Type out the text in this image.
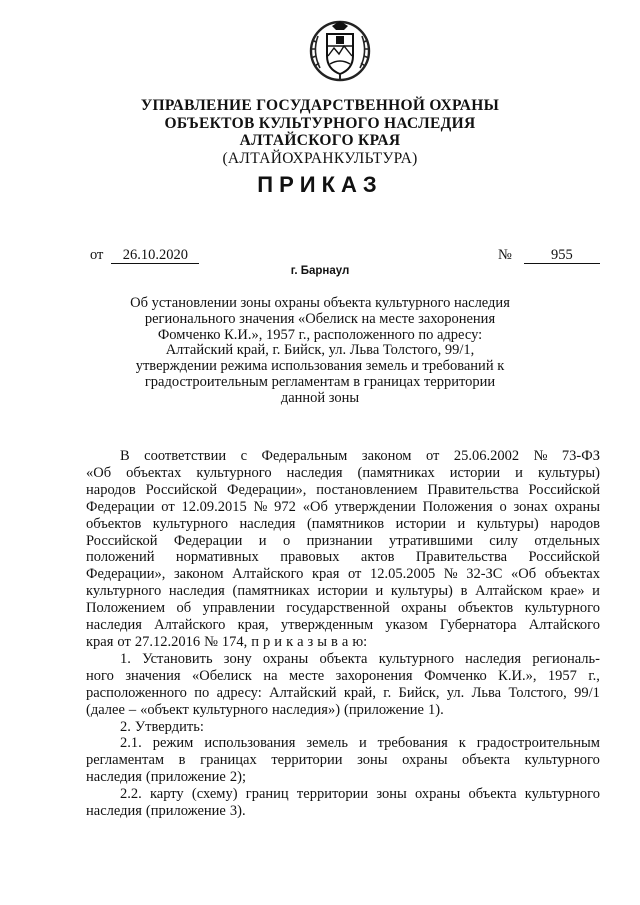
УПРАВЛЕНИЕ ГОСУДАРСТВЕННОЙ ОХРАНЫ
ОБЪЕКТОВ КУЛЬТУРНОГО НАСЛЕДИЯ
АЛТАЙСКОГО КРАЯ
(АЛТАЙОХРАНКУЛЬТУРА)
ПРИКАЗ
от 26.10.2020	№	955
г. Барнаул
Об установлении зоны охраны объекта культурного наследия
регионального значения «Обелиск на месте захоронения
Фомченко К.И.», 1957 г., расположенного по адресу:
Алтайский край, г. Бийск, ул. Льва Толстого, 99/1,
утверждении режима использования земель и требований к
градостроительным регламентам в границах территории
данной зоны
В соответствии с Федеральным законом от 25.06.2002 № 73-ФЗ
«Об объектах культурного наследия (памятниках истории и культуры)
народов Российской Федерации», постановлением Правительства Российской
Федерации от 12.09.2015 № 972 «Об утверждении Положения о зонах охраны
объектов культурного наследия (памятников истории и культуры) народов
Российской Федерации и о признании утратившими силу отдельных
положений нормативных правовых актов Правительства Российской
Федерации», законом Алтайского края от 12.05.2005 № 32-ЗС «Об объектах
культурного наследия (памятниках истории и культуры) в Алтайском крае» и
Положением об управлении государственной охраны объектов культурного
наследия Алтайского края, утвержденным указом Губернатора Алтайского
края от 27.12.2016 № 174, п р и к а з ы в а ю:
1. Установить зону охраны объекта культурного наследия региональ-
ного значения «Обелиск на месте захоронения Фомченко К.И.», 1957 г.,
расположенного по адресу: Алтайский край, г. Бийск, ул. Льва Толстого, 99/1
(далее – «объект культурного наследия») (приложение 1).
2. Утвердить:
2.1. режим использования земель и требования к градостроительным
регламентам в границах территории зоны охраны объекта культурного
наследия (приложение 2);
2.2. карту (схему) границ территории зоны охраны объекта культурного
наследия (приложение 3).
